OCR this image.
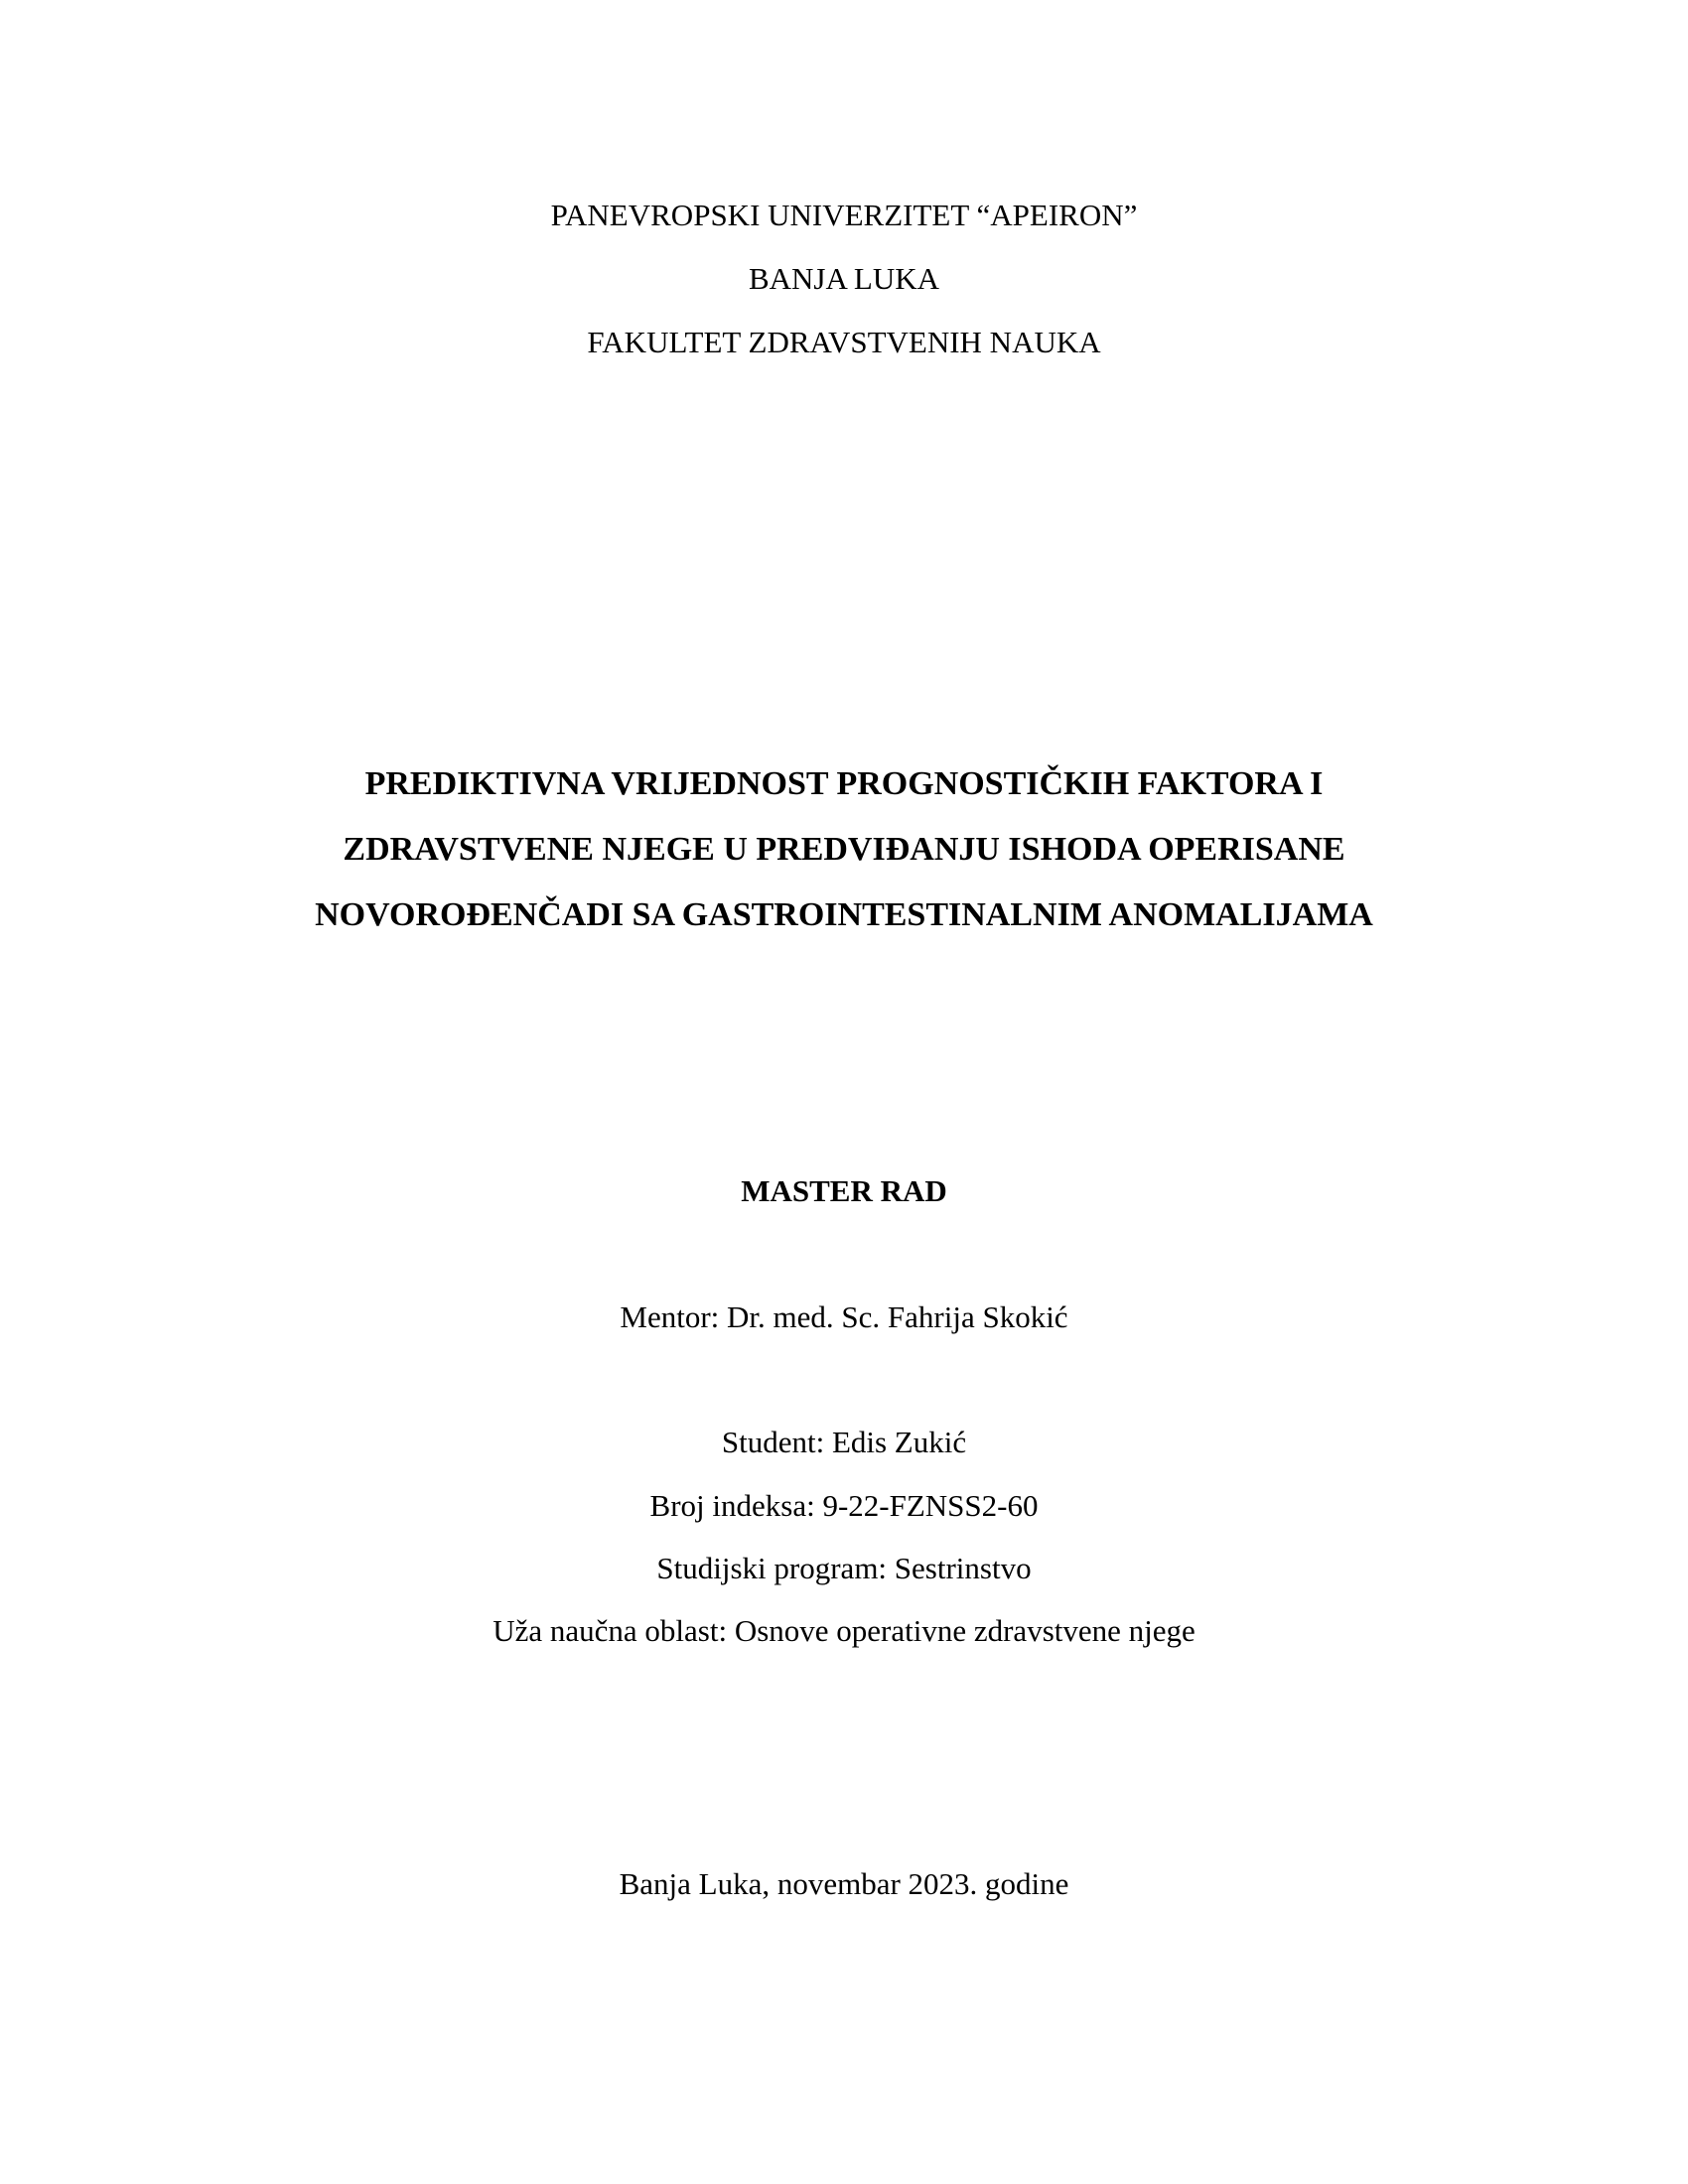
PANEVROPSKI UNIVERZITET “APEIRON”
BANJA LUKA
FAKULTET ZDRAVSTVENIH NAUKA
PREDIKTIVNA VRIJEDNOST PROGNOSTIČKIH FAKTORA I
ZDRAVSTVENE NJEGE U PREDVIĐANJU ISHODA OPERISANE
NOVOROĐENČADI SA GASTROINTESTINALNIM ANOMALIJAMA
MASTER RAD
Mentor: Dr. med. Sc. Fahrija Skokić
Student: Edis Zukić
Broj indeksa: 9-22-FZNSS2-60
Studijski program: Sestrinstvo
Uža naučna oblast: Osnove operativne zdravstvene njege
Banja Luka, novembar 2023. godine
